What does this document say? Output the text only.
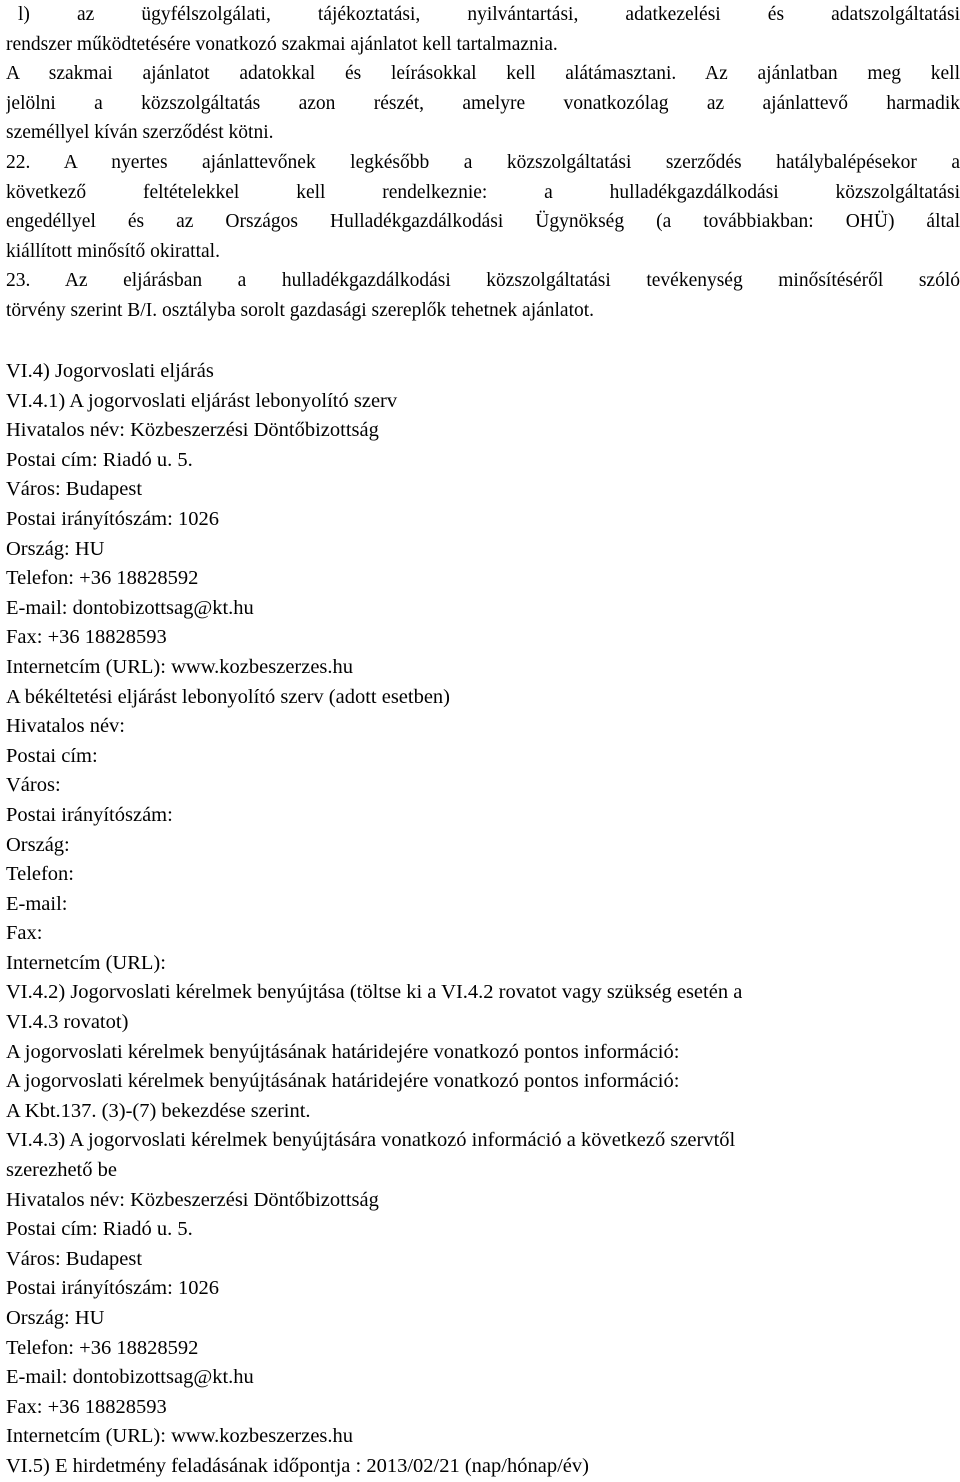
l) az ügyfélszolgálati, tájékoztatási, nyilvántartási, adatkezelési és adatszolgáltatási
rendszer működtetésére vonatkozó szakmai ajánlatot kell tartalmaznia.
A szakmai ajánlatot adatokkal és leírásokkal kell alátámasztani. Az ajánlatban meg kell
jelölni a közszolgáltatás azon részét, amelyre vonatkozólag az ajánlattevő harmadik
személlyel kíván szerződést kötni.
22. A nyertes ajánlattevőnek legkésőbb a közszolgáltatási szerződés hatálybalépésekor a
következő feltételekkel kell rendelkeznie: a hulladékgazdálkodási közszolgáltatási
engedéllyel és az Országos Hulladékgazdálkodási Ügynökség (a továbbiakban: OHÜ) által
kiállított minősítő okirattal.
23. Az eljárásban a hulladékgazdálkodási közszolgáltatási tevékenység minősítéséről szóló
törvény szerint B/I. osztályba sorolt gazdasági szereplők tehetnek ajánlatot.
VI.4) Jogorvoslati eljárás
VI.4.1) A jogorvoslati eljárást lebonyolító szerv
Hivatalos név: Közbeszerzési Döntőbizottság
Postai cím: Riadó u. 5.
Város: Budapest
Postai irányítószám: 1026
Ország: HU
Telefon: +36 18828592
E-mail: dontobizottsag@kt.hu
Fax: +36 18828593
Internetcím (URL): www.kozbeszerzes.hu
A békéltetési eljárást lebonyolító szerv (adott esetben)
Hivatalos név:
Postai cím:
Város:
Postai irányítószám:
Ország:
Telefon:
E-mail:
Fax:
Internetcím (URL):
VI.4.2) Jogorvoslati kérelmek benyújtása (töltse ki a VI.4.2 rovatot vagy szükség esetén a
VI.4.3 rovatot)
A jogorvoslati kérelmek benyújtásának határidejére vonatkozó pontos információ:
A jogorvoslati kérelmek benyújtásának határidejére vonatkozó pontos információ:
A Kbt.137. (3)-(7) bekezdése szerint.
VI.4.3) A jogorvoslati kérelmek benyújtására vonatkozó információ a következő szervtől
szerezhető be
Hivatalos név: Közbeszerzési Döntőbizottság
Postai cím: Riadó u. 5.
Város: Budapest
Postai irányítószám: 1026
Ország: HU
Telefon: +36 18828592
E-mail: dontobizottsag@kt.hu
Fax: +36 18828593
Internetcím (URL): www.kozbeszerzes.hu
VI.5) E hirdetmény feladásának időpontja : 2013/02/21 (nap/hónap/év)
